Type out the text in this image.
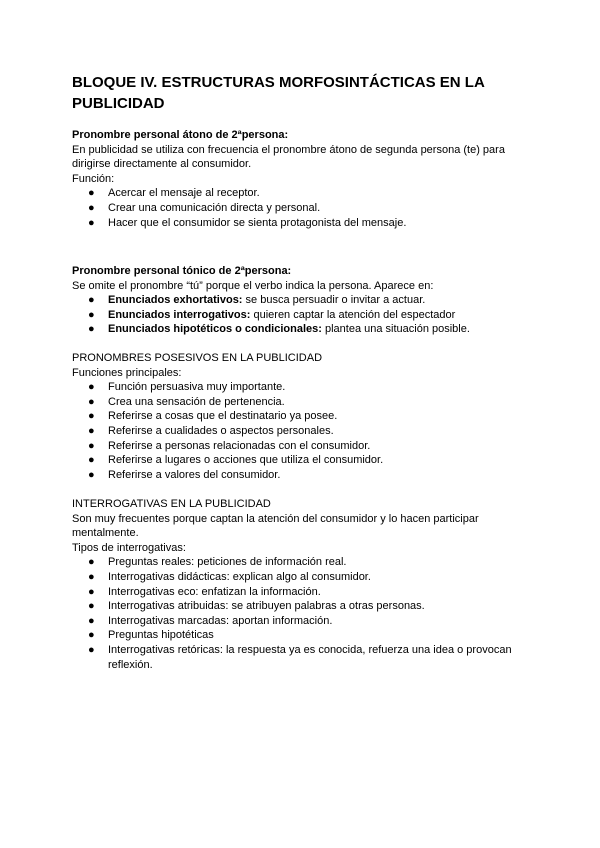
BLOQUE IV. ESTRUCTURAS MORFOSINTÁCTICAS EN LA PUBLICIDAD

Pronombre personal átono de 2ªpersona:

En publicidad se utiliza con frecuencia el pronombre átono de segunda persona (te) para dirigirse directamente al consumidor.

Función:

● Acercar el mensaje al receptor.
● Crear una comunicación directa y personal.
● Hacer que el consumidor se sienta protagonista del mensaje.

Pronombre personal tónico de 2ªpersona:

Se omite el pronombre “tú” porque el verbo indica la persona. Aparece en:

● Enunciados exhortativos: se busca persuadir o invitar a actuar.
● Enunciados interrogativos: quieren captar la atención del espectador
● Enunciados hipotéticos o condicionales: plantea una situación posible.

PRONOMBRES POSESIVOS EN LA PUBLICIDAD

Funciones principales:

● Función persuasiva muy importante.
● Crea una sensación de pertenencia.
● Referirse a cosas que el destinatario ya posee.
● Referirse a cualidades o aspectos personales.
● Referirse a personas relacionadas con el consumidor.
● Referirse a lugares o acciones que utiliza el consumidor.
● Referirse a valores del consumidor.

INTERROGATIVAS EN LA PUBLICIDAD

Son muy frecuentes porque captan la atención del consumidor y lo hacen participar mentalmente.

Tipos de interrogativas:

● Preguntas reales: peticiones de información real.
● Interrogativas didácticas: explican algo al consumidor.
● Interrogativas eco: enfatizan la información.
● Interrogativas atribuidas: se atribuyen palabras a otras personas.
● Interrogativas marcadas: aportan información.
● Preguntas hipotéticas
● Interrogativas retóricas: la respuesta ya es conocida, refuerza una idea o provocan reflexión.
